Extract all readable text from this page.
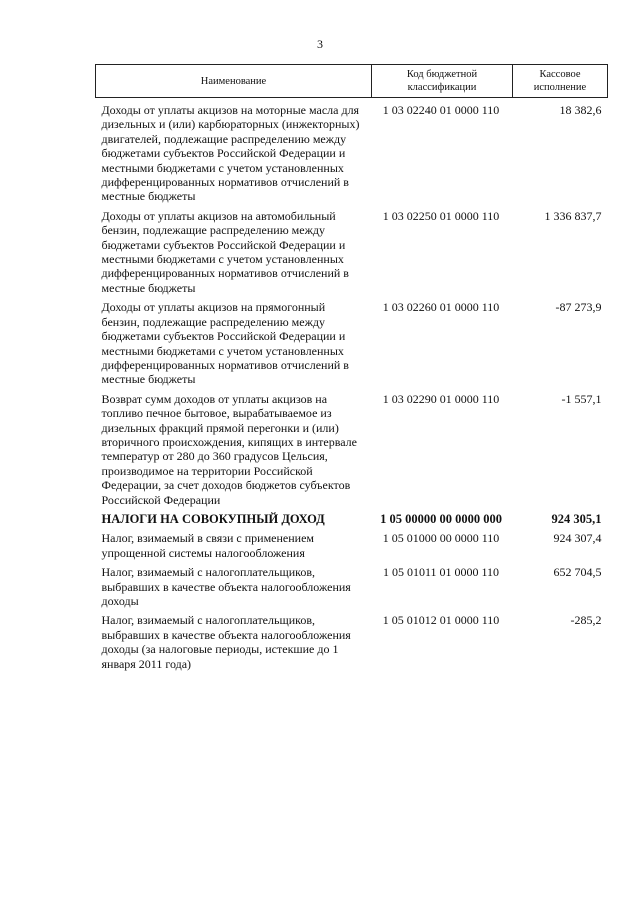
3
Наименование	Код бюджетной классификации	Кассовое исполнение
Доходы от уплаты акцизов на моторные масла для дизельных и (или) карбюраторных (инжекторных) двигателей, подлежащие распределению между бюджетами субъектов Российской Федерации и местными бюджетами с учетом установленных дифференцированных нормативов отчислений в местные бюджеты	1 03 02240 01 0000 110	18 382,6
Доходы от уплаты акцизов на автомобильный бензин, подлежащие распределению между бюджетами субъектов Российской Федерации и местными бюджетами с учетом установленных дифференцированных нормативов отчислений в местные бюджеты	1 03 02250 01 0000 110	1 336 837,7
Доходы от уплаты акцизов на прямогонный бензин, подлежащие распределению между бюджетами субъектов Российской Федерации и местными бюджетами с учетом установленных дифференцированных нормативов отчислений в местные бюджеты	1 03 02260 01 0000 110	-87 273,9
Возврат сумм доходов от уплаты акцизов на топливо печное бытовое, вырабатываемое из дизельных фракций прямой перегонки и (или) вторичного происхождения, кипящих в интервале температур от 280 до 360 градусов Цельсия, производимое на территории Российской Федерации, за счет доходов бюджетов субъектов Российской Федерации	1 03 02290 01 0000 110	-1 557,1
НАЛОГИ НА СОВОКУПНЫЙ ДОХОД	1 05 00000 00 0000 000	924 305,1
Налог, взимаемый в связи с применением упрощенной системы налогообложения	1 05 01000 00 0000 110	924 307,4
Налог, взимаемый с налогоплательщиков, выбравших в качестве объекта налогообложения доходы	1 05 01011 01 0000 110	652 704,5
Налог, взимаемый с налогоплательщиков, выбравших в качестве объекта налогообложения доходы (за налоговые периоды, истекшие до 1 января 2011 года)	1 05 01012 01 0000 110	-285,2
